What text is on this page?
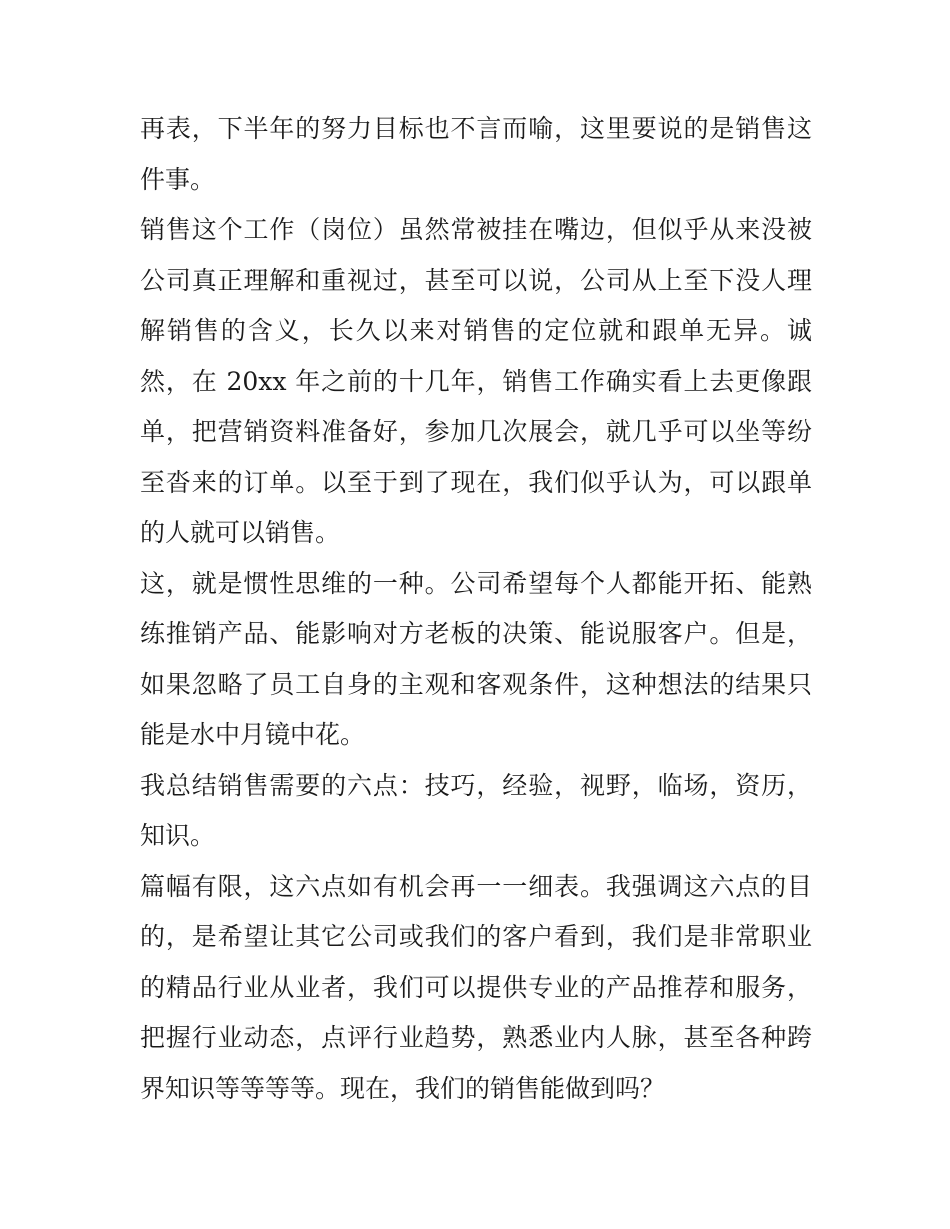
再表，下半年的努力目标也不言而喻，这里要说的是销售这件事。

销售这个工作（岗位）虽然常被挂在嘴边，但似乎从来没被公司真正理解和重视过，甚至可以说，公司从上至下没人理解销售的含义，长久以来对销售的定位就和跟单无异。诚然，在 20xx 年之前的十几年，销售工作确实看上去更像跟单，把营销资料准备好，参加几次展会，就几乎可以坐等纷至沓来的订单。以至于到了现在，我们似乎认为，可以跟单的人就可以销售。

这，就是惯性思维的一种。公司希望每个人都能开拓、能熟练推销产品、能影响对方老板的决策、能说服客户。但是，如果忽略了员工自身的主观和客观条件，这种想法的结果只能是水中月镜中花。

我总结销售需要的六点：技巧，经验，视野，临场，资历，知识。

篇幅有限，这六点如有机会再一一细表。我强调这六点的目的，是希望让其它公司或我们的客户看到，我们是非常职业的精品行业从业者，我们可以提供专业的产品推荐和服务，把握行业动态，点评行业趋势，熟悉业内人脉，甚至各种跨界知识等等等等。现在，我们的销售能做到吗？
